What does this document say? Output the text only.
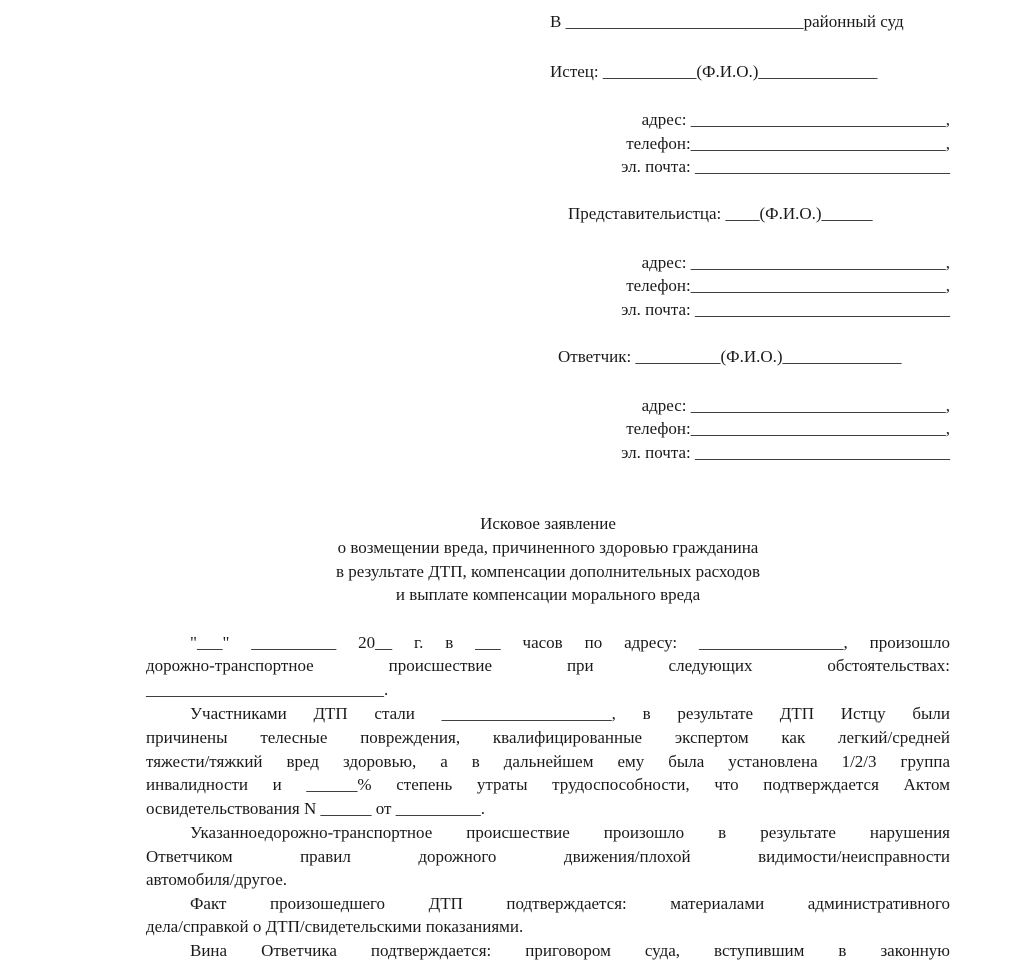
В ____________________________районный суд
Истец: ___________(Ф.И.О.)______________
адрес: ______________________________,
телефон:______________________________,
эл. почта: ______________________________
Представительистца: ____(Ф.И.О.)______
адрес: ______________________________,
телефон:______________________________,
эл. почта: ______________________________
Ответчик: __________(Ф.И.О.)______________
адрес: ______________________________,
телефон:______________________________,
эл. почта: ______________________________
Исковое заявление
о возмещении вреда, причиненного здоровью гражданина
в результате ДТП, компенсации дополнительных расходов
и выплате компенсации морального вреда
"___" __________ 20__ г. в ___ часов по адресу: _________________, произошло
дорожно-транспортное происшествие при следующих обстоятельствах:
____________________________.
Участниками ДТП стали ____________________, в результате ДТП Истцу были
причинены телесные повреждения, квалифицированные экспертом как легкий/средней
тяжести/тяжкий вред здоровью, а в дальнейшем ему была установлена 1/2/3 группа
инвалидности и ______% степень утраты трудоспособности, что подтверждается Актом
освидетельствования N ______ от __________.
Указанноедорожно-транспортное происшествие произошло в результате нарушения
Ответчиком правил дорожного движения/плохой видимости/неисправности
автомобиля/другое.
Факт произошедшего ДТП подтверждается: материалами административного
дела/справкой о ДТП/свидетельскими показаниями.
Вина Ответчика подтверждается: приговором суда, вступившим в законную
